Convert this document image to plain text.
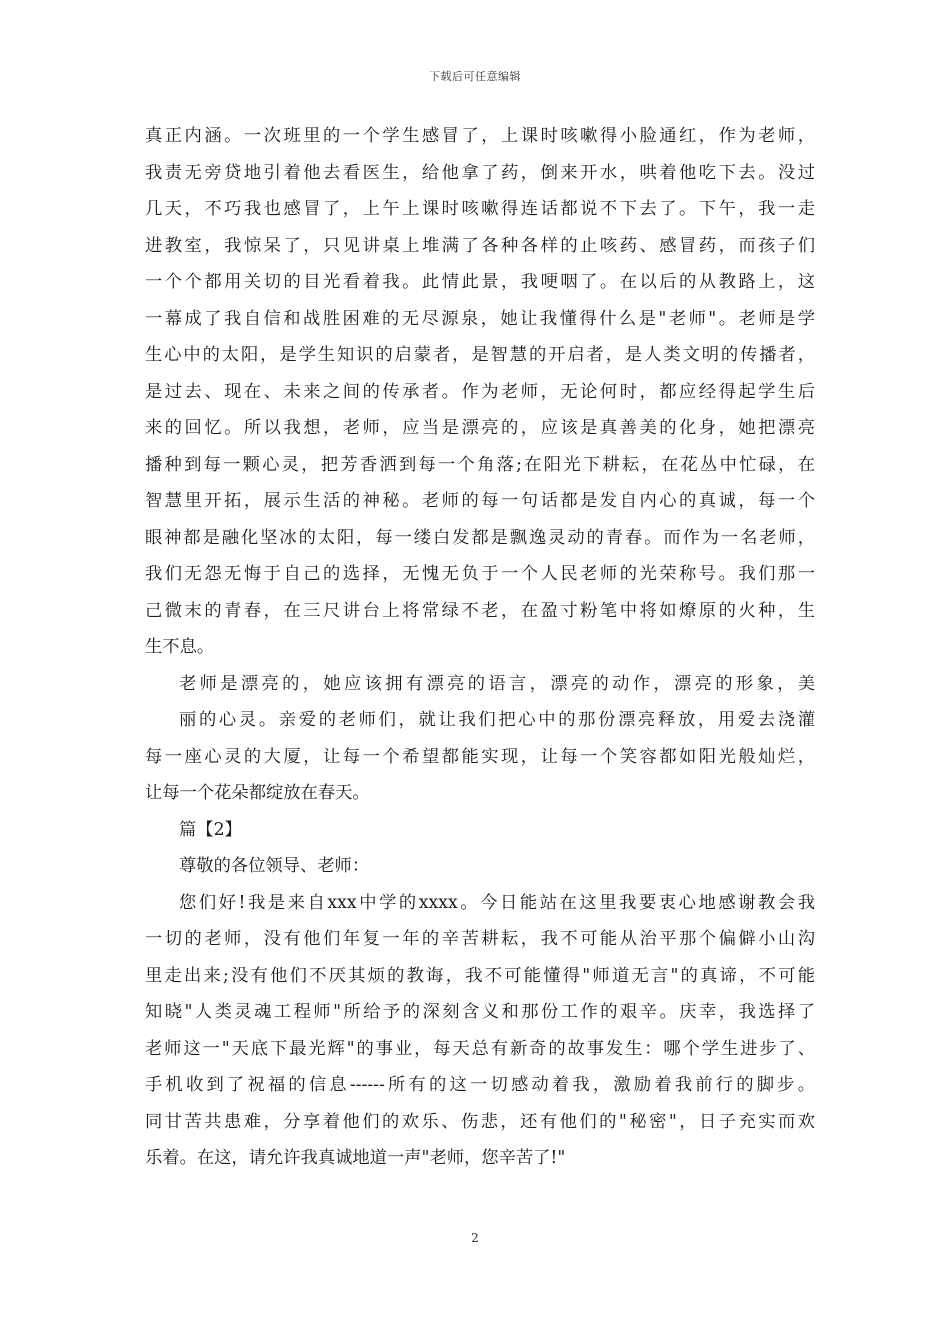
下载后可任意编辑
真正内涵。一次班里的一个学生感冒了，上课时咳嗽得小脸通红，作为老师，
我责无旁贷地引着他去看医生，给他拿了药，倒来开水，哄着他吃下去。没过
几天，不巧我也感冒了，上午上课时咳嗽得连话都说不下去了。下午，我一走
进教室，我惊呆了，只见讲桌上堆满了各种各样的止咳药、感冒药，而孩子们
一个个都用关切的目光看着我。此情此景，我哽咽了。在以后的从教路上，这
一幕成了我自信和战胜困难的无尽源泉，她让我懂得什么是"老师"。老师是学
生心中的太阳，是学生知识的启蒙者，是智慧的开启者，是人类文明的传播者，
是过去、现在、未来之间的传承者。作为老师，无论何时，都应经得起学生后
来的回忆。所以我想，老师，应当是漂亮的，应该是真善美的化身，她把漂亮
播种到每一颗心灵，把芳香洒到每一个角落;在阳光下耕耘，在花丛中忙碌，在
智慧里开拓，展示生活的神秘。老师的每一句话都是发自内心的真诚，每一个
眼神都是融化坚冰的太阳，每一缕白发都是飘逸灵动的青春。而作为一名老师，
我们无怨无悔于自己的选择，无愧无负于一个人民老师的光荣称号。我们那一
己微末的青春，在三尺讲台上将常绿不老，在盈寸粉笔中将如燎原的火种，生
生不息。
老师是漂亮的，她应该拥有漂亮的语言，漂亮的动作，漂亮的形象，美
丽的心灵。亲爱的老师们，就让我们把心中的那份漂亮释放，用爱去浇灌
每一座心灵的大厦，让每一个希望都能实现，让每一个笑容都如阳光般灿烂，
让每一个花朵都绽放在春天。
篇【2】
尊敬的各位领导、老师：
您们好!我是来自xxx中学的xxxx。今日能站在这里我要衷心地感谢教会我
一切的老师，没有他们年复一年的辛苦耕耘，我不可能从治平那个偏僻小山沟
里走出来;没有他们不厌其烦的教诲，我不可能懂得"师道无言"的真谛，不可能
知晓"人类灵魂工程师"所给予的深刻含义和那份工作的艰辛。庆幸，我选择了
老师这一"天底下最光辉"的事业，每天总有新奇的故事发生：哪个学生进步了、
手机收到了祝福的信息------所有的这一切感动着我，激励着我前行的脚步。
同甘苦共患难，分享着他们的欢乐、伤悲，还有他们的"秘密"，日子充实而欢
乐着。在这，请允许我真诚地道一声"老师，您辛苦了!"
2
